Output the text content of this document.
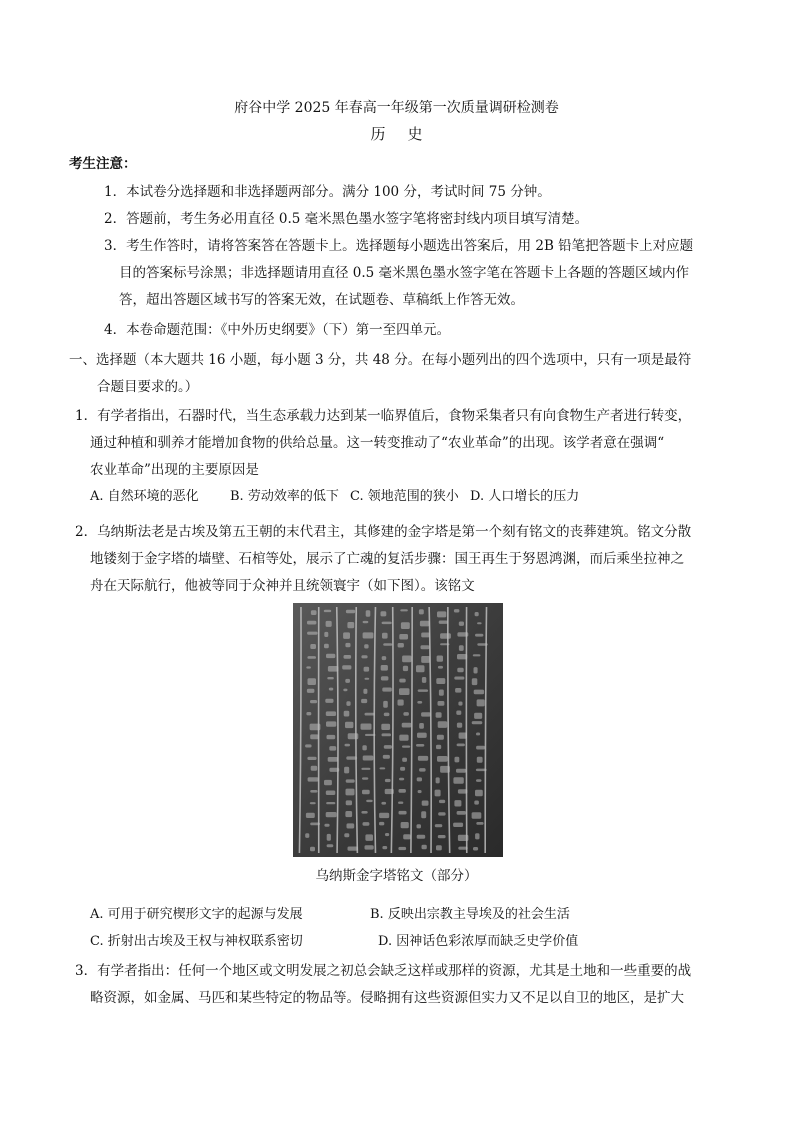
府谷中学 2025 年春高一年级第一次质量调研检测卷
历史
考生注意：
1．本试卷分选择题和非选择题两部分。满分 100 分，考试时间 75 分钟。
2．答题前，考生务必用直径 0.5 毫米黑色墨水签字笔将密封线内项目填写清楚。
3．考生作答时，请将答案答在答题卡上。选择题每小题选出答案后，用 2B 铅笔把答题卡上对应题
目的答案标号涂黑；非选择题请用直径 0.5 毫米黑色墨水签字笔在答题卡上各题的答题区域内作
答，超出答题区域书写的答案无效，在试题卷、草稿纸上作答无效。
4．本卷命题范围：《中外历史纲要》（下）第一至四单元。
一、选择题（本大题共 16 小题，每小题 3 分，共 48 分。在每小题列出的四个选项中，只有一项是最符
合题目要求的。）
1．有学者指出，石器时代，当生态承载力达到某一临界值后，食物采集者只有向食物生产者进行转变，
通过种植和驯养才能增加食物的供给总量。这一转变推动了“农业革命”的出现。该学者意在强调“
农业革命”出现的主要原因是
A. 自然环境的恶化 B. 劳动效率的低下 C. 领地范围的狭小 D. 人口增长的压力
2．乌纳斯法老是古埃及第五王朝的末代君主，其修建的金字塔是第一个刻有铭文的丧葬建筑。铭文分散
地镂刻于金字塔的墙壁、石棺等处，展示了亡魂的复活步骤：国王再生于努恩鸿渊，而后乘坐拉神之
舟在天际航行，他被等同于众神并且统领寰宇（如下图）。该铭文
乌纳斯金字塔铭文（部分）
A. 可用于研究楔形文字的起源与发展	B. 反映出宗教主导埃及的社会生活
C. 折射出古埃及王权与神权联系密切	D. 因神话色彩浓厚而缺乏史学价值
3．有学者指出：任何一个地区或文明发展之初总会缺乏这样或那样的资源，尤其是土地和一些重要的战
略资源，如金属、马匹和某些特定的物品等。侵略拥有这些资源但实力又不足以自卫的地区，是扩大
